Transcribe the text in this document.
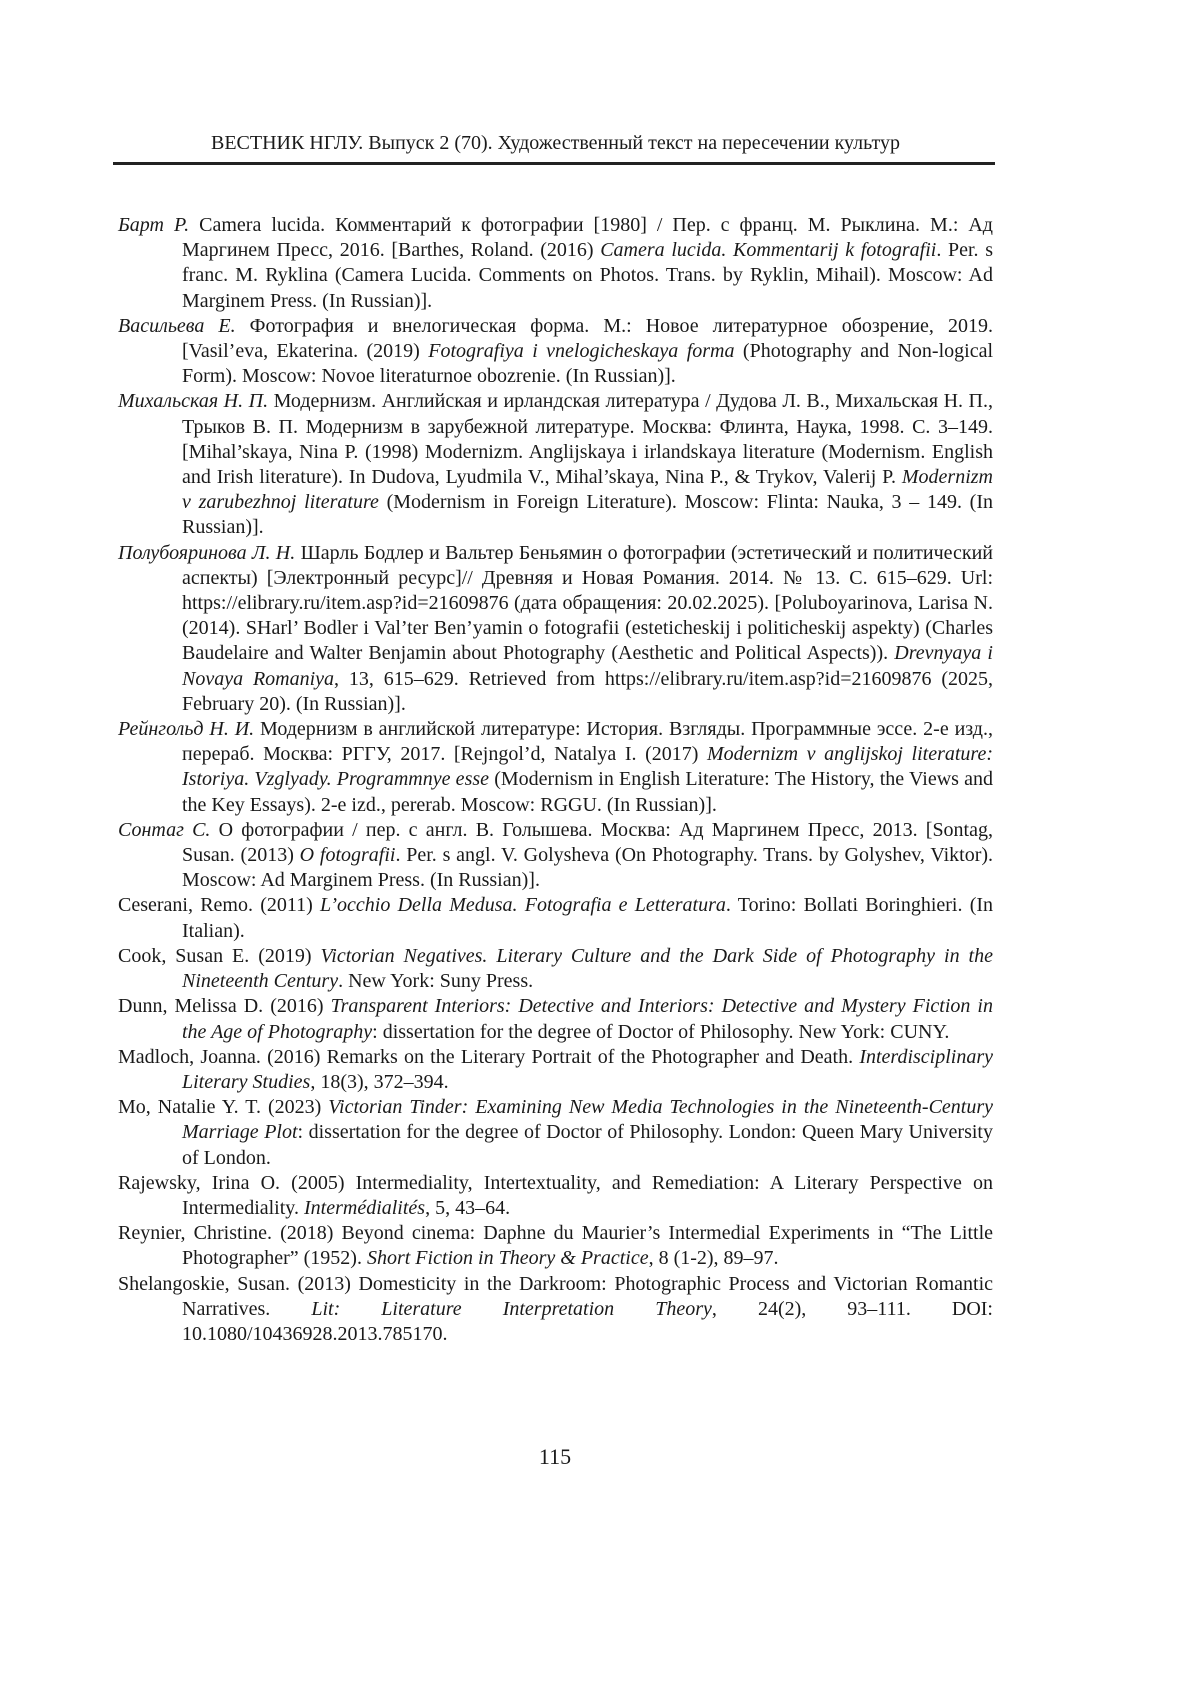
ВЕСТНИК НГЛУ. Выпуск 2 (70). Художественный текст на пересечении культур

Барт Р. Camera lucida. Комментарий к фотографии [1980] / Пер. с франц. М. Рыклина. М.: Ад Маргинем Пресс, 2016. [Barthes, Roland. (2016) Camera lucida. Kommentarij k fotografii. Per. s franc. M. Ryklina (Camera Lucida. Comments on Photos. Trans. by Ryklin, Mihail). Moscow: Ad Marginem Press. (In Russian)].

Васильева Е. Фотография и внелогическая форма. М.: Новое литературное обозрение, 2019. [Vasil’eva, Ekaterina. (2019) Fotografiya i vnelogicheskaya forma (Photography and Non-logical Form). Moscow: Novoe literaturnoe obozrenie. (In Russian)].

Михальская Н. П. Модернизм. Английская и ирландская литература / Дудова Л. В., Михальская Н. П., Трыков В. П. Модернизм в зарубежной литературе. Москва: Флинта, Наука, 1998. С. 3–149. [Mihal’skaya, Nina P. (1998) Modernizm. Anglijskaya i irlandskaya literature (Modernism. English and Irish literature). In Dudova, Lyudmila V., Mihal’skaya, Nina P., & Trykov, Valerij P. Modernizm v zarubezhnoj literature (Modernism in Foreign Literature). Moscow: Flinta: Nauka, 3 – 149. (In Russian)].

Полубояринова Л. Н. Шарль Бодлер и Вальтер Беньямин о фотографии (эстетический и политический аспекты) [Электронный ресурс]// Древняя и Новая Романия. 2014. № 13. С. 615–629. Url: https://elibrary.ru/item.asp?id=21609876 (дата обращения: 20.02.2025). [Poluboyarinova, Larisa N. (2014). SHarl’ Bodler i Val’ter Ben’yamin o fotografii (esteticheskij i politicheskij aspekty) (Charles Baudelaire and Walter Benjamin about Photography (Aesthetic and Political Aspects)). Drevnyaya i Novaya Romaniya, 13, 615–629. Retrieved from https://elibrary.ru/item.asp?id=21609876 (2025, February 20). (In Russian)].

Рейнгольд Н. И. Модернизм в английской литературе: История. Взгляды. Программные эссе. 2-е изд., перераб. Москва: РГГУ, 2017. [Rejngol’d, Natalya I. (2017) Modernizm v anglijskoj literature: Istoriya. Vzglyady. Programmnye esse (Modernism in English Literature: The History, the Views and the Key Essays). 2-e izd., pererab. Moscow: RGGU. (In Russian)].

Сонтаг С. О фотографии / пер. с англ. В. Голышева. Москва: Ад Маргинем Пресс, 2013. [Sontag, Susan. (2013) O fotografii. Per. s angl. V. Golysheva (On Photography. Trans. by Golyshev, Viktor). Moscow: Ad Marginem Press. (In Russian)].

Ceserani, Remo. (2011) L’occhio Della Medusa. Fotografia e Letteratura. Torino: Bollati Boringhieri. (In Italian).

Cook, Susan E. (2019) Victorian Negatives. Literary Culture and the Dark Side of Photography in the Nineteenth Century. New York: Suny Press.

Dunn, Melissa D. (2016) Transparent Interiors: Detective and Interiors: Detective and Mystery Fiction in the Age of Photography: dissertation for the degree of Doctor of Philosophy. New York: CUNY.

Madloch, Joanna. (2016) Remarks on the Literary Portrait of the Photographer and Death. Interdisciplinary Literary Studies, 18(3), 372–394.

Mo, Natalie Y. T. (2023) Victorian Tinder: Examining New Media Technologies in the Nineteenth-Century Marriage Plot: dissertation for the degree of Doctor of Philosophy. London: Queen Mary University of London.

Rajewsky, Irina O. (2005) Intermediality, Intertextuality, and Remediation: A Literary Perspective on Intermediality. Intermédialités, 5, 43–64.

Reynier, Christine. (2018) Beyond cinema: Daphne du Maurier’s Intermedial Experiments in “The Little Photographer” (1952). Short Fiction in Theory & Practice, 8 (1-2), 89–97.

Shelangoskie, Susan. (2013) Domesticity in the Darkroom: Photographic Process and Victorian Romantic Narratives. Lit: Literature Interpretation Theory, 24(2), 93–111. DOI: 10.1080/10436928.2013.785170.

115
